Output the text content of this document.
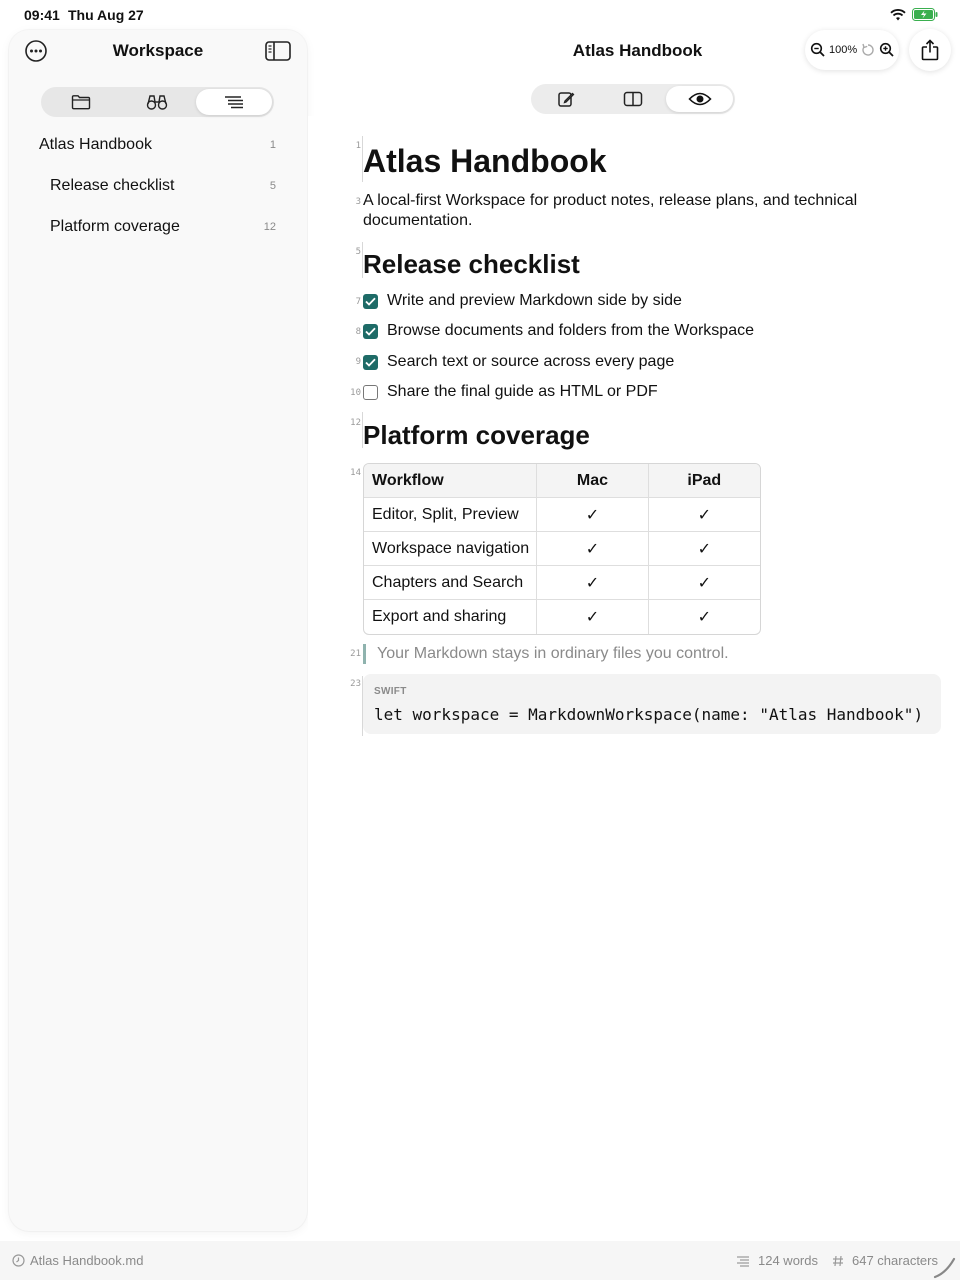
09:41 Thu Aug 27
Workspace
Atlas Handbook	1
Release checklist	5
Platform coverage	12
Atlas Handbook	100%
1
3
5
7
8
9
10
12
14
21
23
Atlas Handbook
A local-first Workspace for product notes, release plans, and technical documentation.
Release checklist
Write and preview Markdown side by side
Browse documents and folders from the Workspace
Search text or source across every page
Share the final guide as HTML or PDF
Platform coverage
Workflow	Mac	iPad
Editor, Split, Preview	✓	✓
Workspace navigation	✓	✓
Chapters and Search	✓	✓
Export and sharing	✓	✓
Your Markdown stays in ordinary files you control.
SWIFT
let workspace = MarkdownWorkspace(name: "Atlas Handbook")
Atlas Handbook.md	124 words	647 characters
